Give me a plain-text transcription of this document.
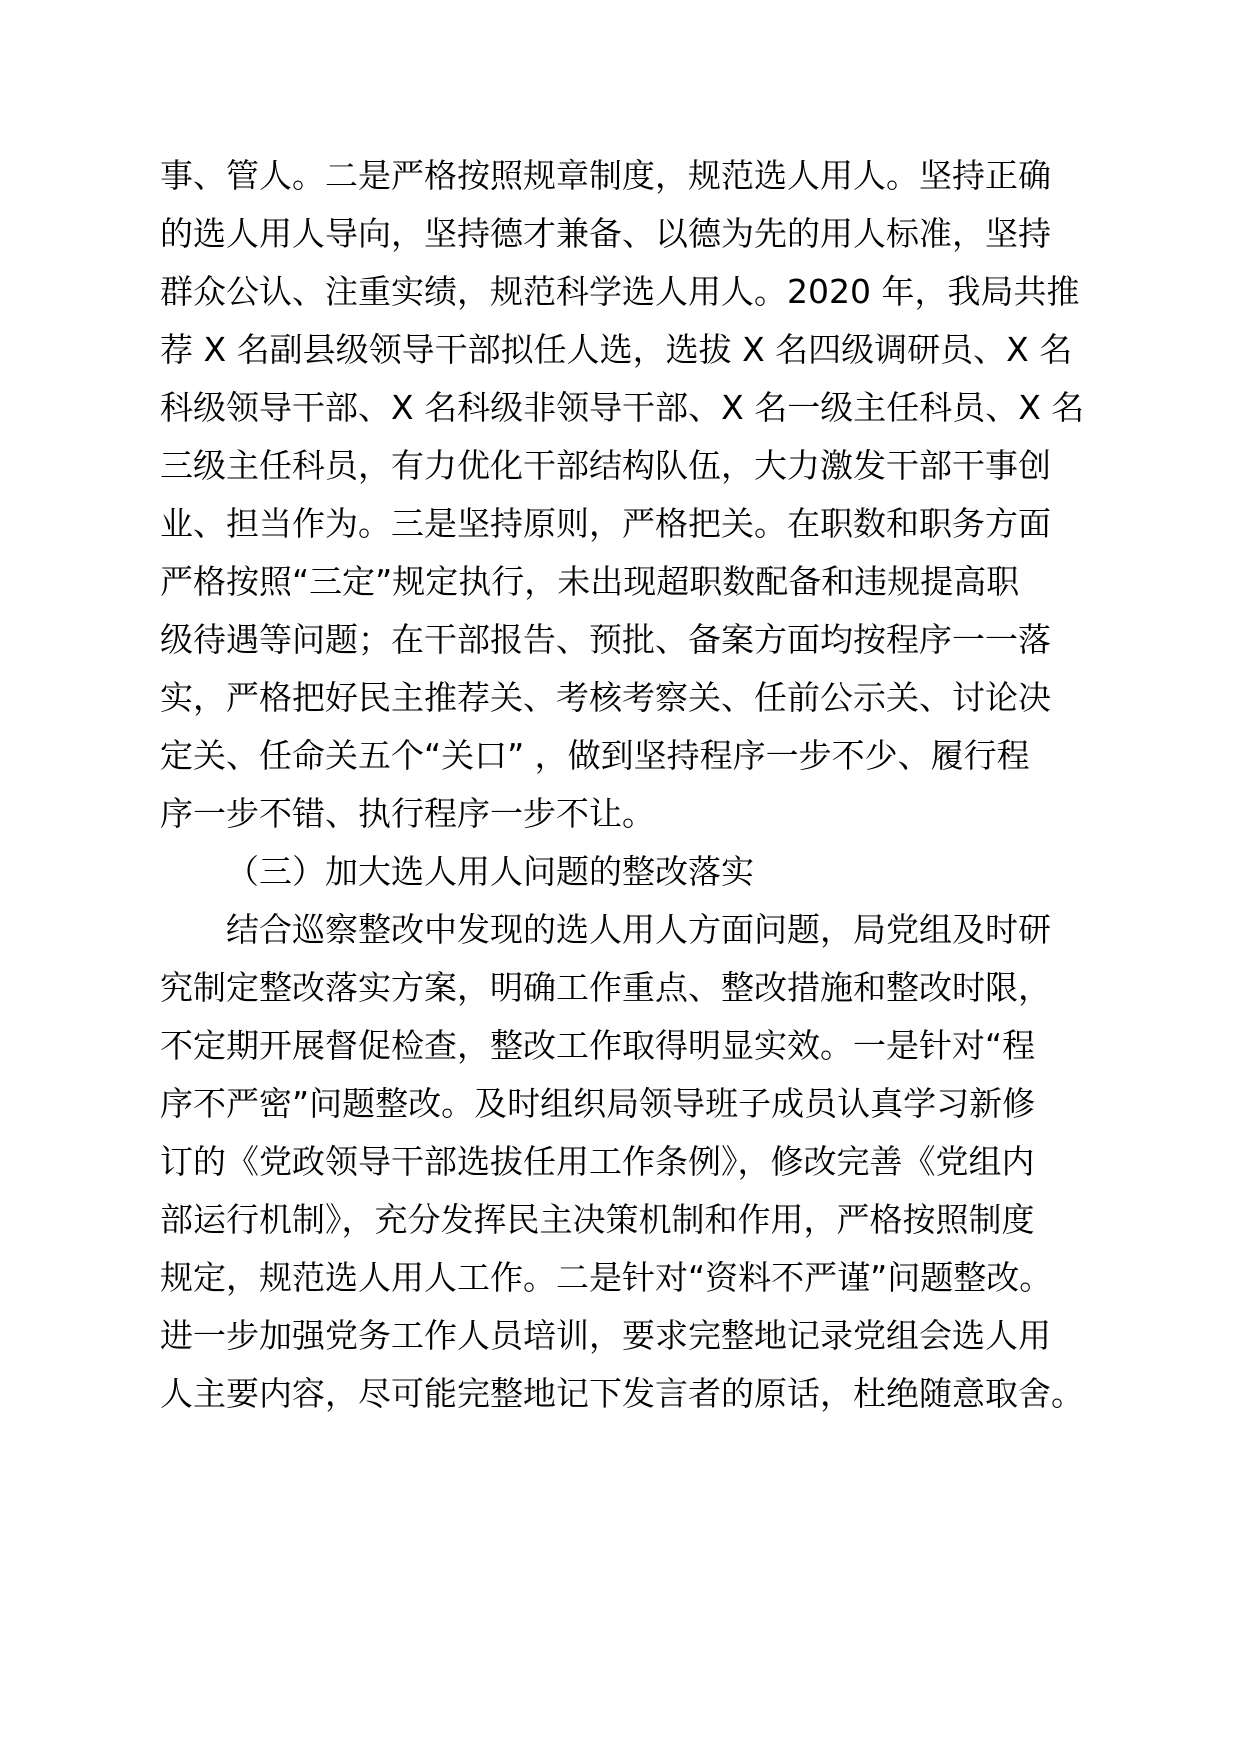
事、管人。二是严格按照规章制度，规范选人用人。坚持正确
的选人用人导向，坚持德才兼备、以德为先的用人标准，坚持
群众公认、注重实绩，规范科学选人用人。2020 年，我局共推
荐 X 名副县级领导干部拟任人选，选拔 X 名四级调研员、X 名
科级领导干部、X 名科级非领导干部、X 名一级主任科员、X 名
三级主任科员，有力优化干部结构队伍，大力激发干部干事创
业、担当作为。三是坚持原则，严格把关。在职数和职务方面
严格按照“三定”规定执行，未出现超职数配备和违规提高职
级待遇等问题；在干部报告、预批、备案方面均按程序一一落
实，严格把好民主推荐关、考核考察关、任前公示关、讨论决
定关、任命关五个“关口” ，做到坚持程序一步不少、履行程
序一步不错、执行程序一步不让。
（三）加大选人用人问题的整改落实
结合巡察整改中发现的选人用人方面问题，局党组及时研
究制定整改落实方案，明确工作重点、整改措施和整改时限，
不定期开展督促检查，整改工作取得明显实效。一是针对“程
序不严密”问题整改。及时组织局领导班子成员认真学习新修
订的《党政领导干部选拔任用工作条例》，修改完善《党组内
部运行机制》，充分发挥民主决策机制和作用，严格按照制度
规定，规范选人用人工作。二是针对“资料不严谨”问题整改。
进一步加强党务工作人员培训，要求完整地记录党组会选人用
人主要内容，尽可能完整地记下发言者的原话，杜绝随意取舍。
